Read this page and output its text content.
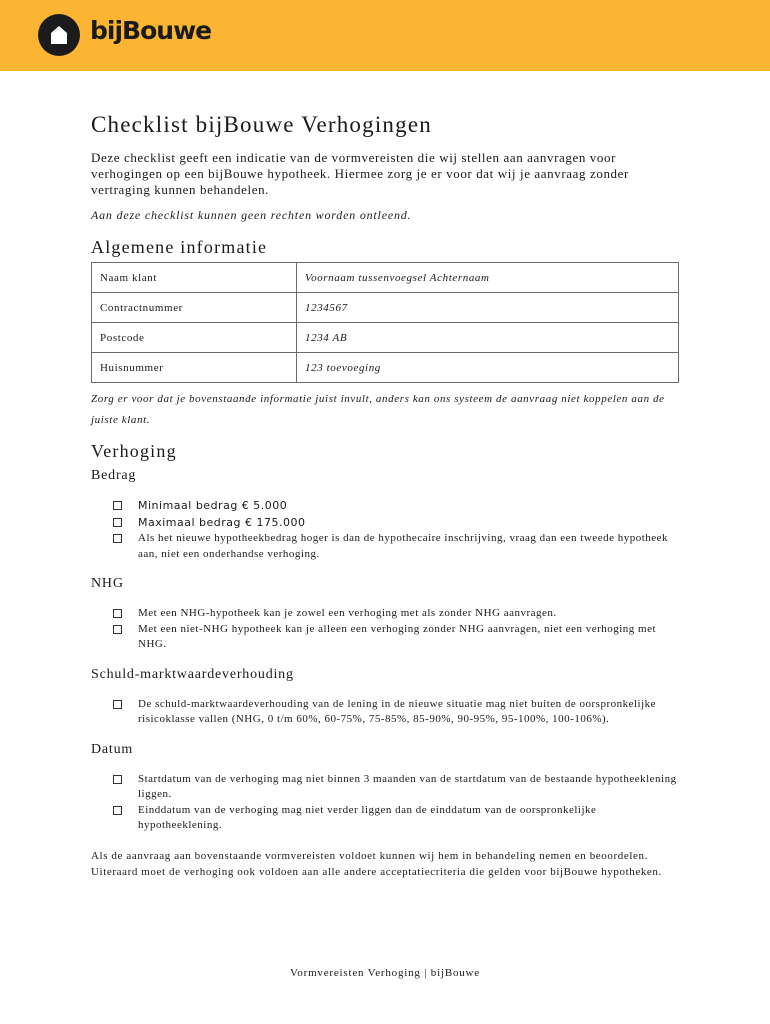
bijBouwe
Checklist bijBouwe Verhogingen

Deze checklist geeft een indicatie van de vormvereisten die wij stellen aan aanvragen voor verhogingen op een bijBouwe hypotheek. Hiermee zorg je er voor dat wij je aanvraag zonder vertraging kunnen behandelen.

Aan deze checklist kunnen geen rechten worden ontleend.

Algemene informatie
Naam klant	Voornaam tussenvoegsel Achternaam
Contractnummer	1234567
Postcode	1234 AB
Huisnummer	123 toevoeging

Zorg er voor dat je bovenstaande informatie juist invult, anders kan ons systeem de aanvraag niet koppelen aan de juiste klant.

Verhoging
Bedrag
Minimaal bedrag € 5.000
Maximaal bedrag € 175.000
Als het nieuwe hypotheekbedrag hoger is dan de hypothecaire inschrijving, vraag dan een tweede hypotheek aan, niet een onderhandse verhoging.
NHG
Met een NHG-hypotheek kan je zowel een verhoging met als zonder NHG aanvragen.
Met een niet-NHG hypotheek kan je alleen een verhoging zonder NHG aanvragen, niet een verhoging met NHG.
Schuld-marktwaardeverhouding
De schuld-marktwaardeverhouding van de lening in de nieuwe situatie mag niet buiten de oorspronkelijke risicoklasse vallen (NHG, 0 t/m 60%, 60-75%, 75-85%, 85-90%, 90-95%, 95-100%, 100-106%).
Datum
Startdatum van de verhoging mag niet binnen 3 maanden van de startdatum van de bestaande hypotheeklening liggen.
Einddatum van de verhoging mag niet verder liggen dan de einddatum van de oorspronkelijke hypotheeklening.

Als de aanvraag aan bovenstaande vormvereisten voldoet kunnen wij hem in behandeling nemen en beoordelen. Uiteraard moet de verhoging ook voldoen aan alle andere acceptatiecriteria die gelden voor bijBouwe hypotheken.

Vormvereisten Verhoging | bijBouwe
